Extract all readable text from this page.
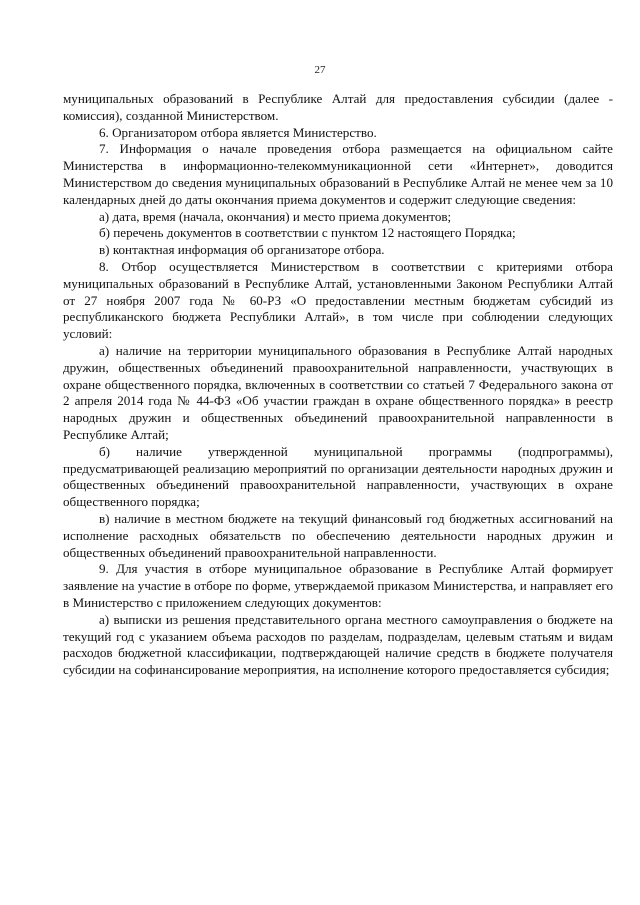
27

муниципальных образований в Республике Алтай для предоставления субсидии (далее - комиссия), созданной Министерством.

6. Организатором отбора является Министерство.

7. Информация о начале проведения отбора размещается на официальном сайте Министерства в информационно-телекоммуникационной сети «Интернет», доводится Министерством до сведения муниципальных образований в Республике Алтай не менее чем за 10 календарных дней до даты окончания приема документов и содержит следующие сведения:

а) дата, время (начала, окончания) и место приема документов;

б) перечень документов в соответствии с пунктом 12 настоящего Порядка;

в) контактная информация об организаторе отбора.

8. Отбор осуществляется Министерством в соответствии с критериями отбора муниципальных образований в Республике Алтай, установленными Законом Республики Алтай от 27 ноября 2007 года № 60-РЗ «О предоставлении местным бюджетам субсидий из республиканского бюджета Республики Алтай», в том числе при соблюдении следующих условий:

а) наличие на территории муниципального образования в Республике Алтай народных дружин, общественных объединений правоохранительной направленности, участвующих в охране общественного порядка, включенных в соответствии со статьей 7 Федерального закона от 2 апреля 2014 года № 44-ФЗ «Об участии граждан в охране общественного порядка» в реестр народных дружин и общественных объединений правоохранительной направленности в Республике Алтай;

б) наличие утвержденной муниципальной программы (подпрограммы), предусматривающей реализацию мероприятий по организации деятельности народных дружин и общественных объединений правоохранительной направленности, участвующих в охране общественного порядка;

в) наличие в местном бюджете на текущий финансовый год бюджетных ассигнований на исполнение расходных обязательств по обеспечению деятельности народных дружин и общественных объединений правоохранительной направленности.

9. Для участия в отборе муниципальное образование в Республике Алтай формирует заявление на участие в отборе по форме, утверждаемой приказом Министерства, и направляет его в Министерство с приложением следующих документов:

а) выписки из решения представительного органа местного самоуправления о бюджете на текущий год с указанием объема расходов по разделам, подразделам, целевым статьям и видам расходов бюджетной классификации, подтверждающей наличие средств в бюджете получателя субсидии на софинансирование мероприятия, на исполнение которого предоставляется субсидия;
